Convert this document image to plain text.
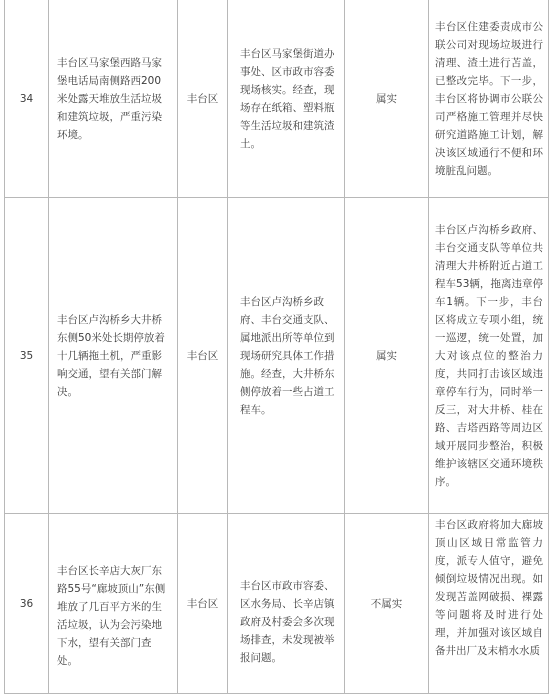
34	丰台区马家堡西路马家堡电话局南侧路西200米处露天堆放生活垃圾和建筑垃圾，严重污染环境。	丰台区	丰台区马家堡街道办事处、区市政市容委现场核实。经查，现场存在纸箱、塑料瓶等生活垃圾和建筑渣土。	属实	丰台区住建委责成市公联公司对现场垃圾进行清理、渣土进行苫盖，已整改完毕。下一步，丰台区将协调市公联公司严格施工管理并尽快研究道路施工计划，解决该区域通行不便和环境脏乱问题。
35	丰台区卢沟桥乡大井桥东侧50米处长期停放着十几辆拖土机，严重影响交通，望有关部门解决。	丰台区	丰台区卢沟桥乡政府、丰台交通支队、属地派出所等单位到现场研究具体工作措施。经查，大井桥东侧停放着一些占道工程车。	属实	丰台区卢沟桥乡政府、丰台交通支队等单位共清理大井桥附近占道工程车53辆，拖离违章停车1辆。下一步，丰台区将成立专项小组，统一巡逻，统一处置，加大对该点位的整治力度，共同打击该区域违章停车行为，同时举一反三，对大井桥、桂在路、吉塔西路等周边区域开展同步整治，积极维护该辖区交通环境秩序。
36	丰台区长辛店大灰厂东路55号“廊坡顶山”东侧堆放了几百平方米的生活垃圾，认为会污染地下水，望有关部门查处。	丰台区	丰台区市政市容委、区水务局、长辛店镇政府及村委会多次现场排查，未发现被举报问题。	不属实	丰台区政府将加大廊坡顶山区域日常监管力度，派专人值守，避免倾倒垃圾情况出现。如发现苫盖网破损、裸露等问题将及时进行处理，并加强对该区域自备井出厂及末梢水水质
